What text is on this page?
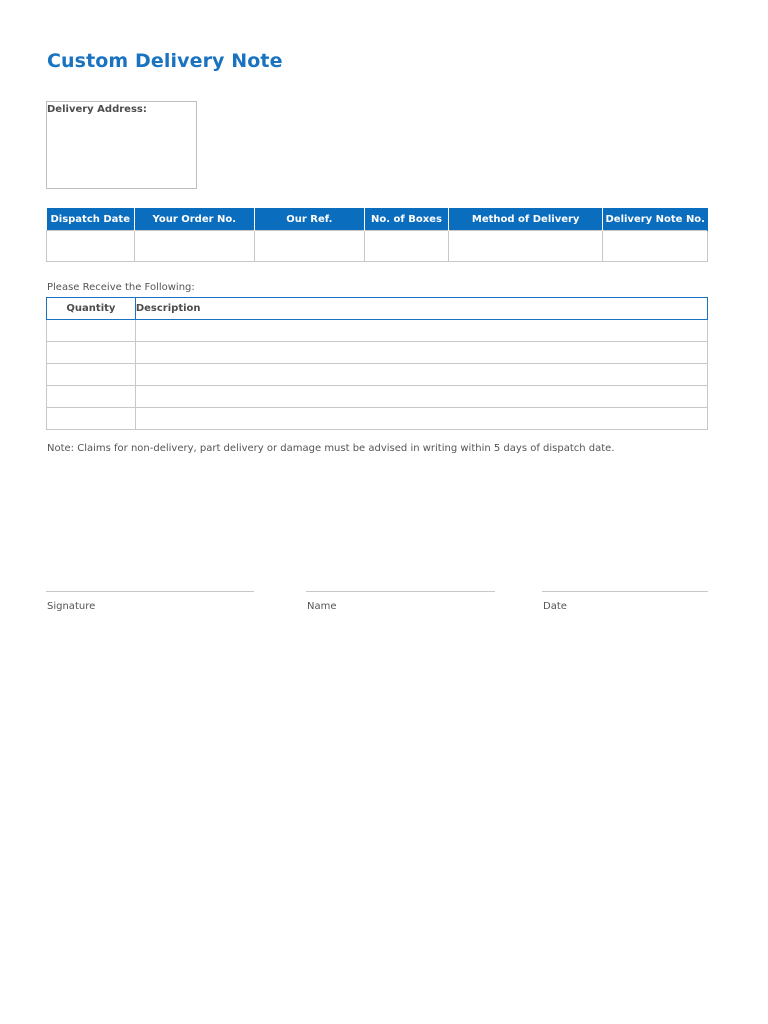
Custom Delivery Note
Delivery Address:
Dispatch Date	Your Order No.	Our Ref.	No. of Boxes	Method of Delivery	Delivery Note No.

Please Receive the Following:
Quantity	Description

Note: Claims for non-delivery, part delivery or damage must be advised in writing within 5 days of dispatch date.
Signature	Name	Date
